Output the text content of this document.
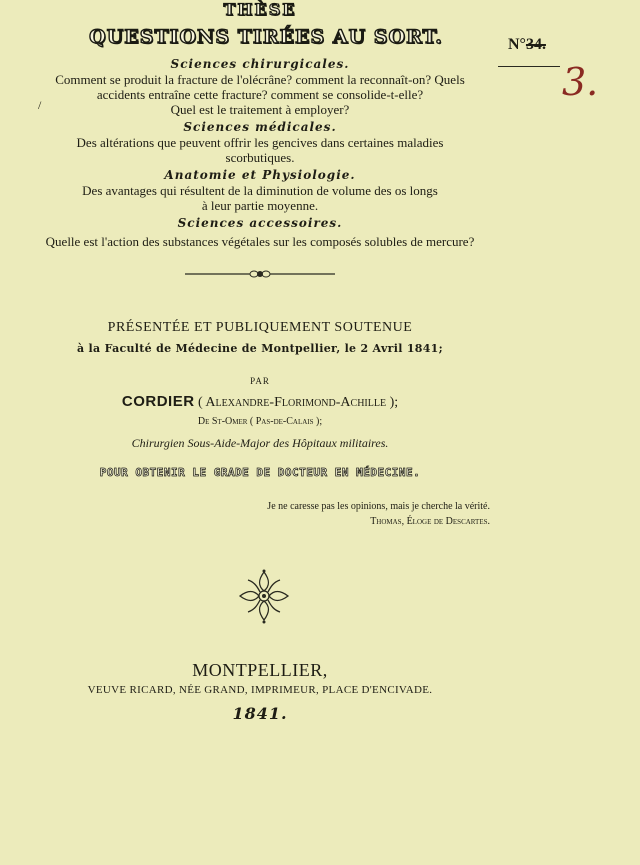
QUESTIONS TIRÉES AU SORT.	N°34.
3.
Sciences chirurgicales.
Comment se produit la fracture de l'olécrâne? comment la reconnaît-on? Quels
accidents entraîne cette fracture? comment se consolide-t-elle?
Quel est le traitement à employer?
/
Sciences médicales.
Des altérations que peuvent offrir les gencives dans certaines maladies
scorbutiques.
Anatomie et Physiologie.
Des avantages qui résultent de la diminution de volume des os longs
à leur partie moyenne.
Sciences accessoires.
Quelle est l'action des substances végétales sur les composés solubles de mercure?
THÈSE
PRÉSENTÉE ET PUBLIQUEMENT SOUTENUE
à la Faculté de Médecine de Montpellier, le 2 Avril 1841;
PAR
CORDIER ( Alexandre-Florimond-Achille );
De St-Omer ( Pas-de-Calais );
Chirurgien Sous-Aide-Major des Hôpitaux militaires.
POUR OBTENIR LE GRADE DE DOCTEUR EN MÉDECINE.
Je ne caresse pas les opinions, mais je cherche la vérité.
Thomas, Éloge de Descartes.
MONTPELLIER,
VEUVE RICARD, NÉE GRAND, IMPRIMEUR, PLACE D'ENCIVADE.
1841.
